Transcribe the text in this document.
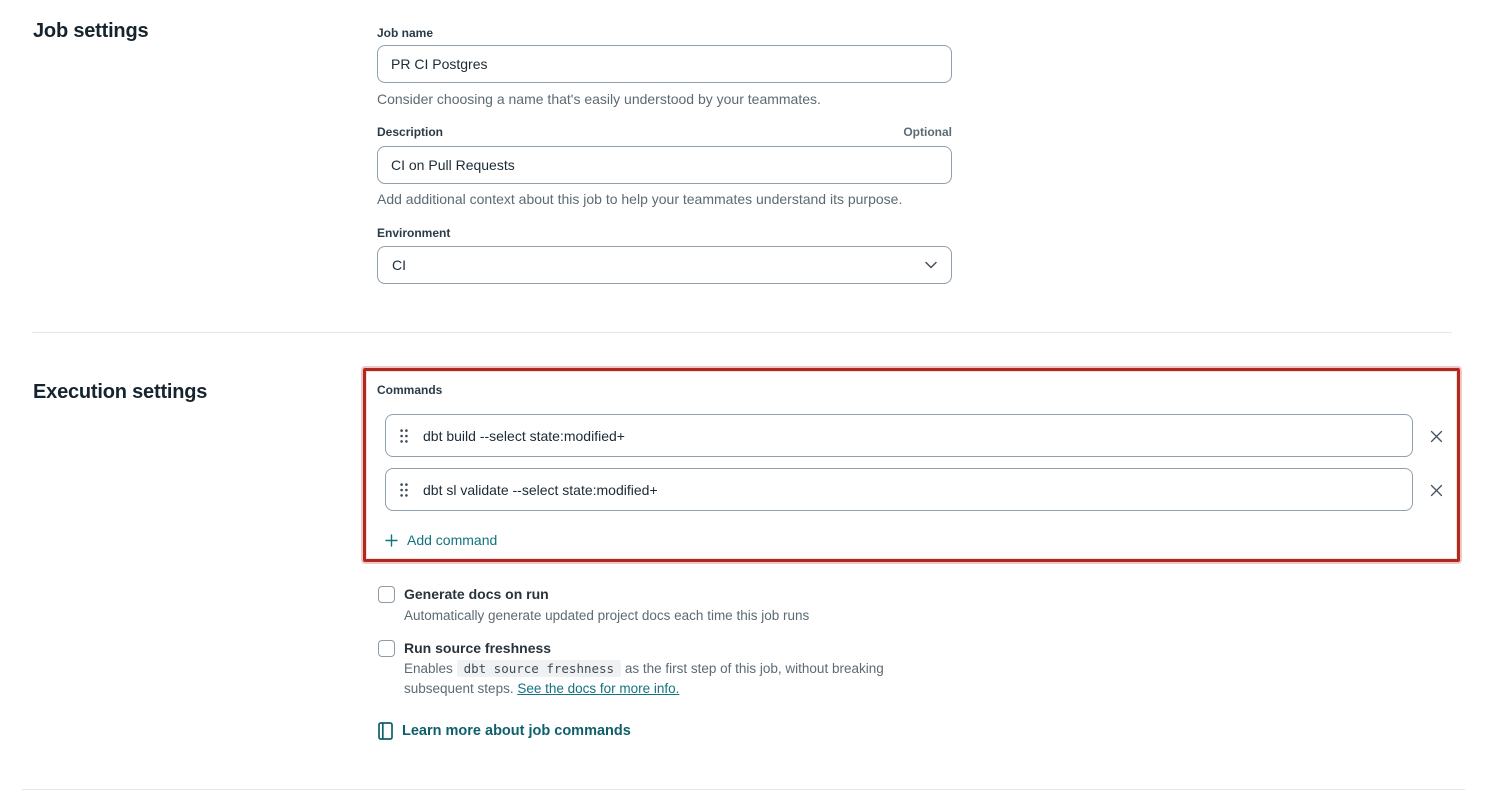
Job settings	Job name
PR CI Postgres
Consider choosing a name that's easily understood by your teammates.
Description	Optional
CI on Pull Requests
Add additional context about this job to help your teammates understand its purpose.
Environment
CI
Execution settings	Commands
dbt build --select state:modified+
dbt sl validate --select state:modified+
Add command
Generate docs on run
Automatically generate updated project docs each time this job runs
Run source freshness
Enables dbt source freshness as the first step of this job, without breaking subsequent steps. See the docs for more info.
Learn more about job commands
